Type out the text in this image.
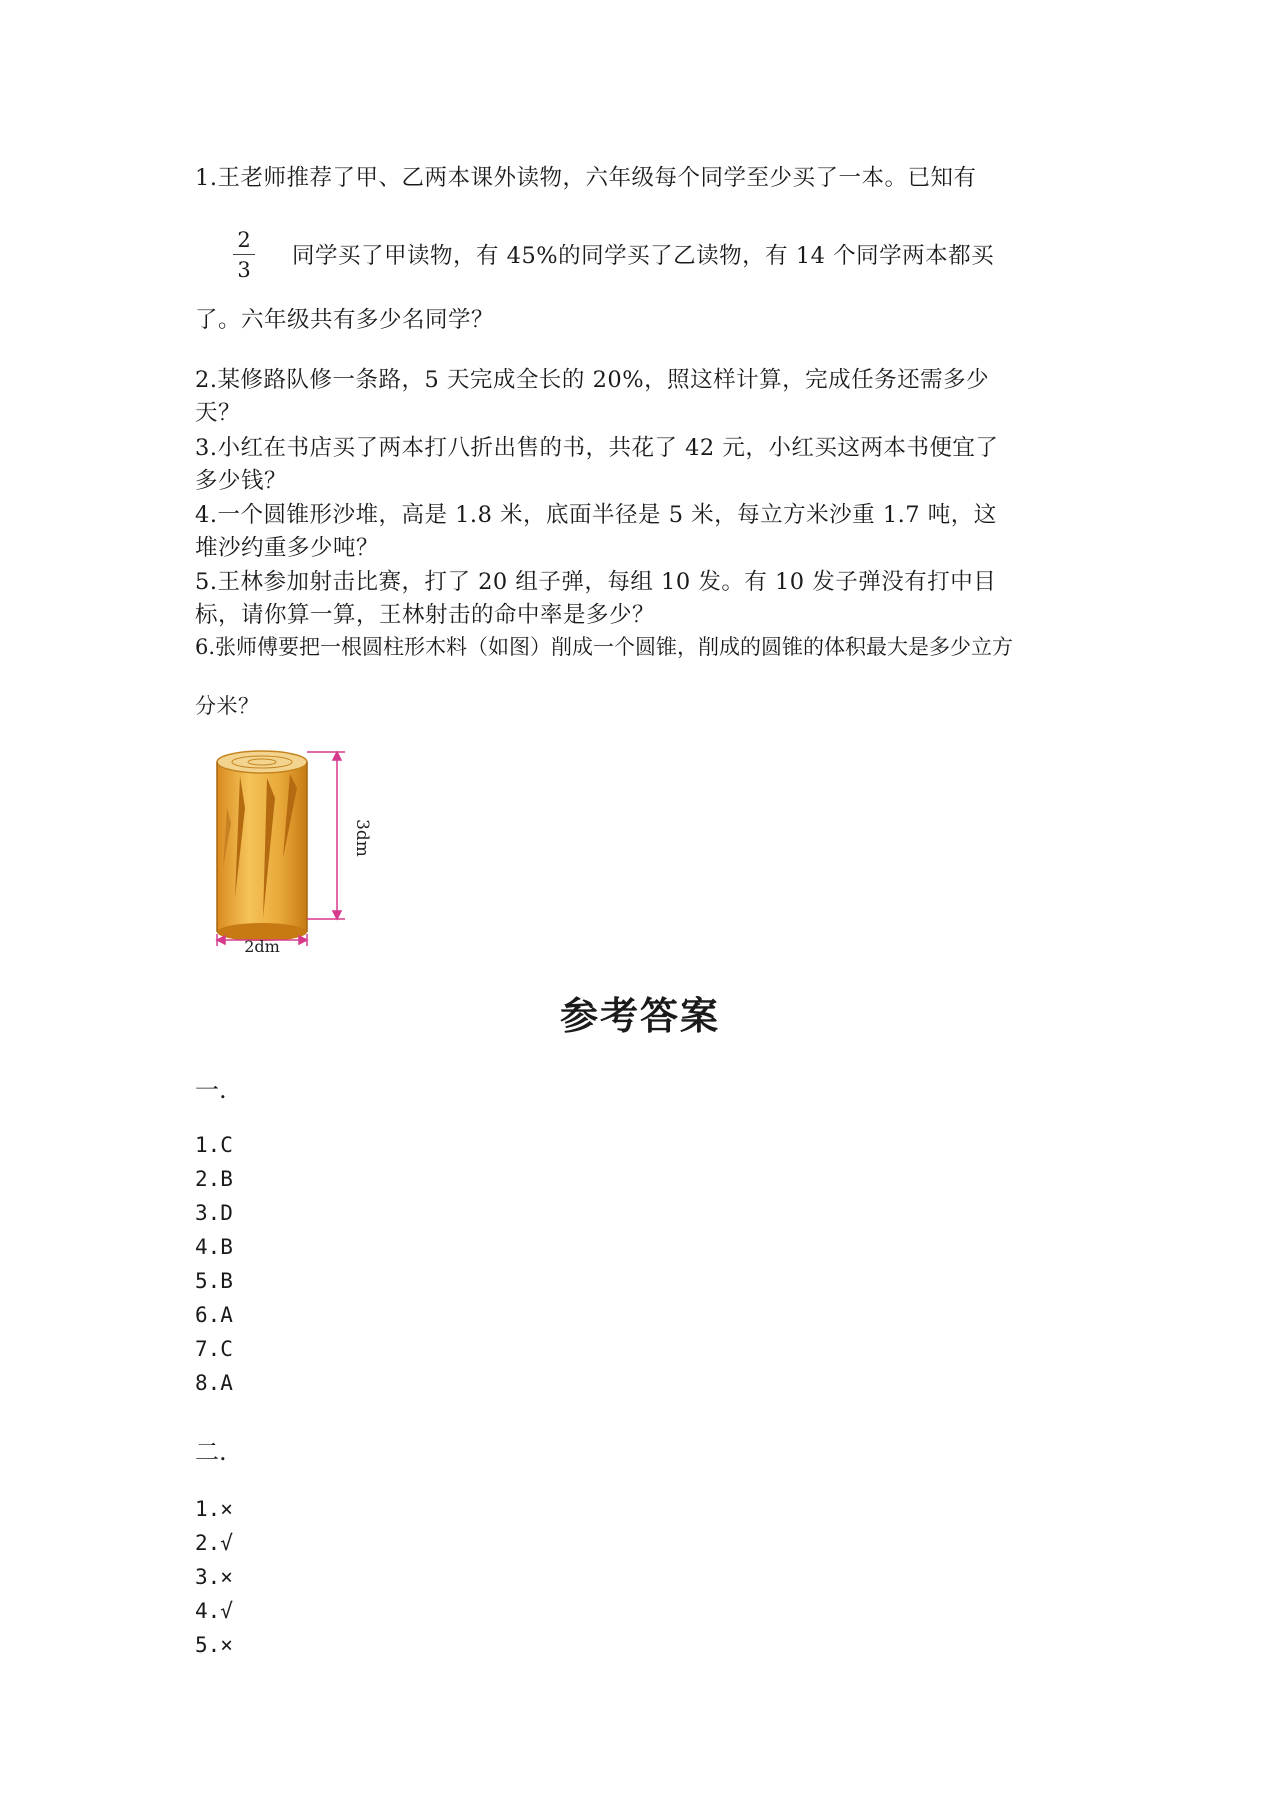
1.王老师推荐了甲、乙两本课外读物，六年级每个同学至少买了一本。已知有
2
3
同学买了甲读物，有 45%的同学买了乙读物，有 14 个同学两本都买
了。六年级共有多少名同学？
2.某修路队修一条路，5 天完成全长的 20%，照这样计算，完成任务还需多少
天？
3.小红在书店买了两本打八折出售的书，共花了 42 元，小红买这两本书便宜了
多少钱？
4.一个圆锥形沙堆，高是 1.8 米，底面半径是 5 米，每立方米沙重 1.7 吨，这
堆沙约重多少吨？
5.王林参加射击比赛，打了 20 组子弹，每组 10 发。有 10 发子弹没有打中目
标，请你算一算，王林射击的命中率是多少？
6.张师傅要把一根圆柱形木料（如图）削成一个圆锥，削成的圆锥的体积最大是多少立方
分米？
3dm
2dm
参考答案
一.
1.C
2.B
3.D
4.B
5.B
6.A
7.C
8.A
二.
1.×
2.√
3.×
4.√
5.×
